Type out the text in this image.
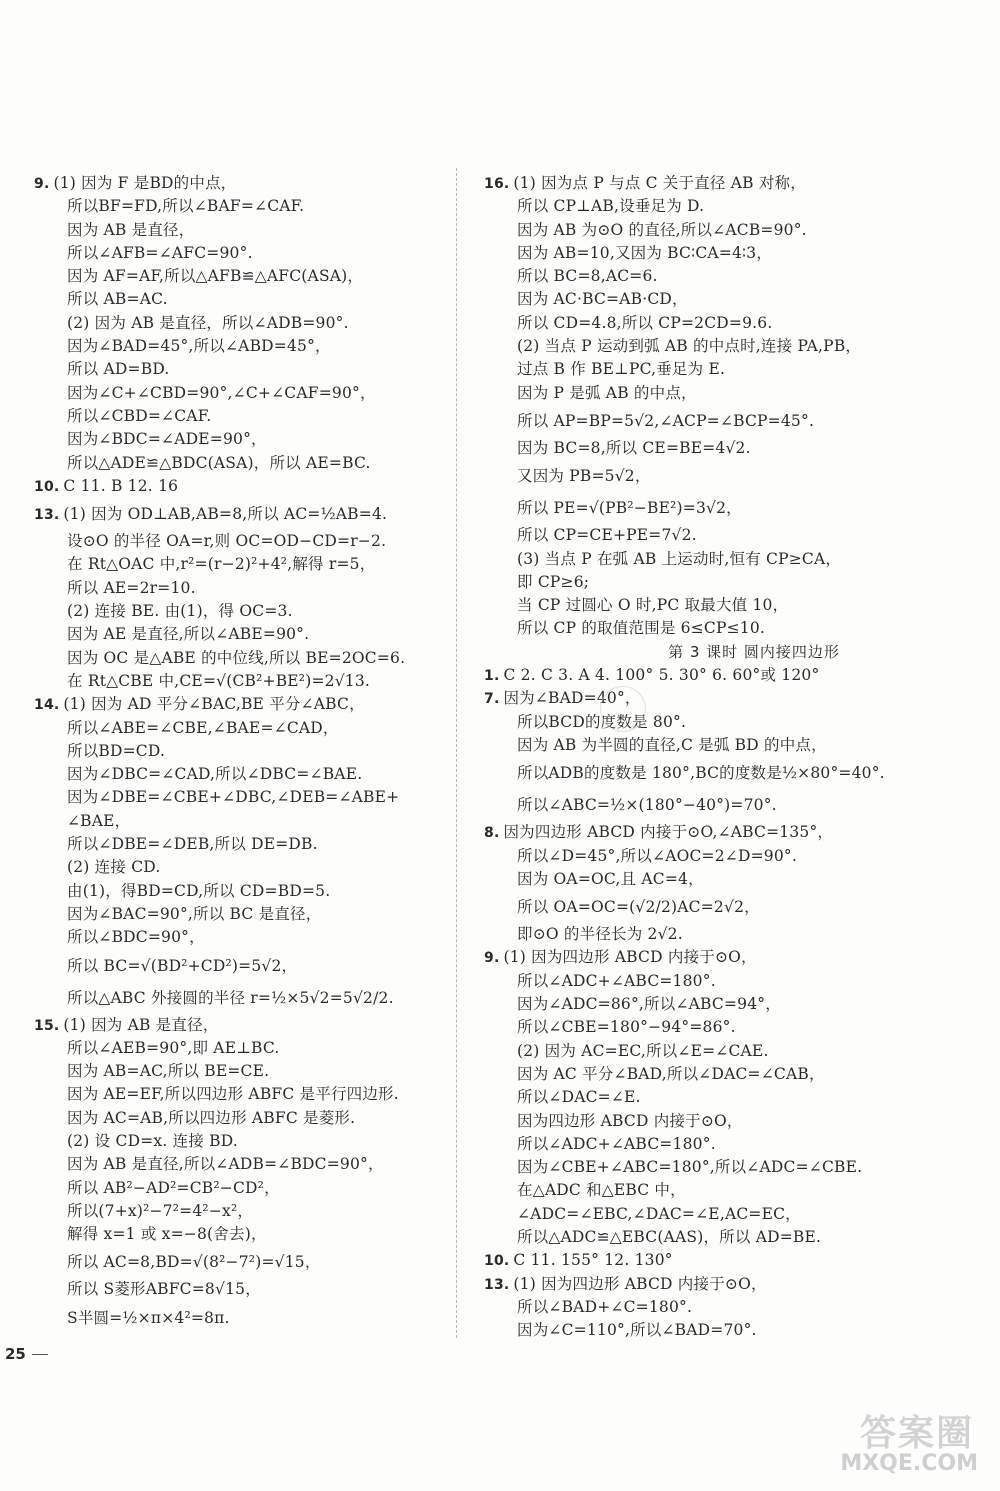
9. (1) 因为 F 是BD的中点，
所以BF=FD,所以∠BAF=∠CAF.
因为 AB 是直径，
所以∠AFB=∠AFC=90°.
因为 AF=AF,所以△AFB≌△AFC(ASA)，
所以 AB=AC.
(2) 因为 AB 是直径，所以∠ADB=90°.
因为∠BAD=45°,所以∠ABD=45°，
所以 AD=BD.
因为∠C+∠CBD=90°,∠C+∠CAF=90°，
所以∠CBD=∠CAF.
因为∠BDC=∠ADE=90°，
所以△ADE≌△BDC(ASA)，所以 AE=BC.
10. C 11. B 12. 16
13. (1) 因为 OD⊥AB,AB=8,所以 AC=½AB=4.
设⊙O 的半径 OA=r,则 OC=OD−CD=r−2.
在 Rt△OAC 中,r²=(r−2)²+4²,解得 r=5，
所以 AE=2r=10.
(2) 连接 BE. 由(1)，得 OC=3.
因为 AE 是直径,所以∠ABE=90°.
因为 OC 是△ABE 的中位线,所以 BE=2OC=6.
在 Rt△CBE 中,CE=√(CB²+BE²)=2√13.
14. (1) 因为 AD 平分∠BAC,BE 平分∠ABC，
所以∠ABE=∠CBE,∠BAE=∠CAD，
所以BD=CD.
因为∠DBC=∠CAD,所以∠DBC=∠BAE.
因为∠DBE=∠CBE+∠DBC,∠DEB=∠ABE+
∠BAE，
所以∠DBE=∠DEB,所以 DE=DB.
(2) 连接 CD.
由(1)，得BD=CD,所以 CD=BD=5.
因为∠BAC=90°,所以 BC 是直径，
所以∠BDC=90°，
所以 BC=√(BD²+CD²)=5√2，
所以△ABC 外接圆的半径 r=½×5√2=5√2/2.
15. (1) 因为 AB 是直径，
所以∠AEB=90°,即 AE⊥BC.
因为 AB=AC,所以 BE=CE.
因为 AE=EF,所以四边形 ABFC 是平行四边形.
因为 AC=AB,所以四边形 ABFC 是菱形.
(2) 设 CD=x. 连接 BD.
因为 AB 是直径,所以∠ADB=∠BDC=90°，
所以 AB²−AD²=CB²−CD²，
所以(7+x)²−7²=4²−x²，
解得 x=1 或 x=−8(舍去)，
所以 AC=8,BD=√(8²−7²)=√15，
所以 S菱形ABFC=8√15，
S半圆=½×π×4²=8π.
16. (1) 因为点 P 与点 C 关于直径 AB 对称，
所以 CP⊥AB,设垂足为 D.
因为 AB 为⊙O 的直径,所以∠ACB=90°.
因为 AB=10,又因为 BC∶CA=4∶3，
所以 BC=8,AC=6.
因为 AC·BC=AB·CD，
所以 CD=4.8,所以 CP=2CD=9.6.
(2) 当点 P 运动到弧 AB 的中点时,连接 PA,PB，
过点 B 作 BE⊥PC,垂足为 E.
因为 P 是弧 AB 的中点，
所以 AP=BP=5√2,∠ACP=∠BCP=45°.
因为 BC=8,所以 CE=BE=4√2.
又因为 PB=5√2，
所以 PE=√(PB²−BE²)=3√2，
所以 CP=CE+PE=7√2.
(3) 当点 P 在弧 AB 上运动时,恒有 CP≥CA，
即 CP≥6;
当 CP 过圆心 O 时,PC 取最大值 10，
所以 CP 的取值范围是 6≤CP≤10.
第 3 课时 圆内接四边形
1. C 2. C 3. A 4. 100° 5. 30° 6. 60°或 120°
7. 因为∠BAD=40°，
所以BCD的度数是 80°.
因为 AB 为半圆的直径,C 是弧 BD 的中点，
所以ADB的度数是 180°,BC的度数是½×80°=40°.
所以∠ABC=½×(180°−40°)=70°.
8. 因为四边形 ABCD 内接于⊙O,∠ABC=135°，
所以∠D=45°,所以∠AOC=2∠D=90°.
因为 OA=OC,且 AC=4，
所以 OA=OC=(√2/2)AC=2√2，
即⊙O 的半径长为 2√2.
9. (1) 因为四边形 ABCD 内接于⊙O，
所以∠ADC+∠ABC=180°.
因为∠ADC=86°,所以∠ABC=94°，
所以∠CBE=180°−94°=86°.
(2) 因为 AC=EC,所以∠E=∠CAE.
因为 AC 平分∠BAD,所以∠DAC=∠CAB，
所以∠DAC=∠E.
因为四边形 ABCD 内接于⊙O，
所以∠ADC+∠ABC=180°.
因为∠CBE+∠ABC=180°,所以∠ADC=∠CBE.
在△ADC 和△EBC 中，
∠ADC=∠EBC,∠DAC=∠E,AC=EC，
所以△ADC≌△EBC(AAS)，所以 AD=BE.
10. C 11. 155° 12. 130°
13. (1) 因为四边形 ABCD 内接于⊙O，
所以∠BAD+∠C=180°.
因为∠C=110°,所以∠BAD=70°.
25
答案圈
MXQE.COM
